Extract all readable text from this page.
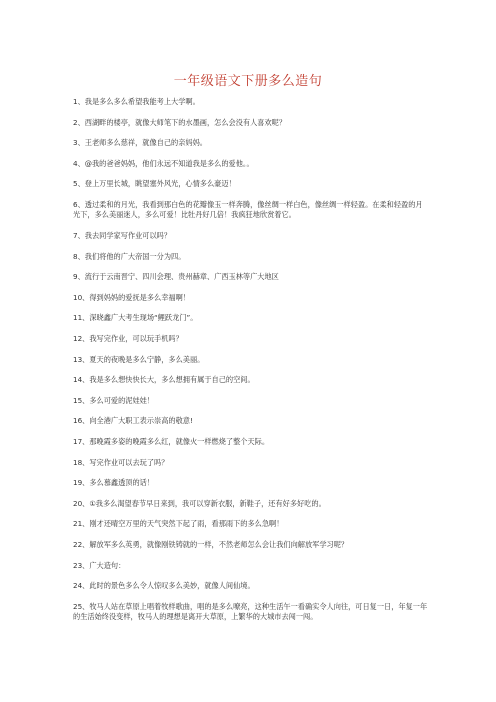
一年级语文下册多么造句
1、我是多么多么希望我能考上大学啊。
2、西湖畔的楼亭，就像大师笔下的水墨画，怎么会没有人喜欢呢？
3、王老师多么慈祥，就像自己的亲妈妈。
4、@我的爸爸妈妈，他们永远不知道我是多么的爱他。。
5、登上万里长城，眺望塞外风光，心情多么豪迈！
6、透过柔和的月光，我看到那白色的花瓣像玉一样奔腾，像丝绸一样白色，像丝绸一样轻盈。在柔和轻盈的月光下，多么美丽迷人，多么可爱！比牡丹好几倍！我疯狂地欣赏着它。
7、我去同学家写作业可以吗？
8、我们将他的广大帝国一分为四。
9、流行于云南晋宁、四川会理、贵州赫章、广西玉林等广大地区
10、得到妈妈的爱抚是多么幸福啊！
11、深晓鑫广大考生现场“鲤跃龙门”。
12、我写完作业，可以玩手机吗？
13、夏天的夜晚是多么宁静，多么美丽。
14、我是多么想快快长大，多么想拥有属于自己的空间。
15、多么可爱的泥娃娃！
16、向全港广大职工表示崇高的敬意!
17、那晚霞多姿的晚霞多么红，就像火一样燃烧了整个天际。
18、写完作业可以去玩了吗？
19、多么慕鑫透顶的话！
20、①我多么渴望春节早日来到，我可以穿新衣服，新鞋子，还有好多好吃的。
21、刚才还晴空万里的天气突然下起了雨，看那雨下的多么急啊！
22、解放军多么英勇，就像刚铁铸就的一样，不然老师怎么会让我们向解放军学习呢？
23、广大造句：
24、此时的景色多么令人惊叹多么美妙，就像人间仙境。
25、牧马人站在草原上唱着牧样歌曲，唱的是多么嘹亮，这种生活午一看确实令人向往，可日复一日，年复一年的生活始终没变样，牧马人的理想是离开大草原，上繁华的大城市去闯一闯。
